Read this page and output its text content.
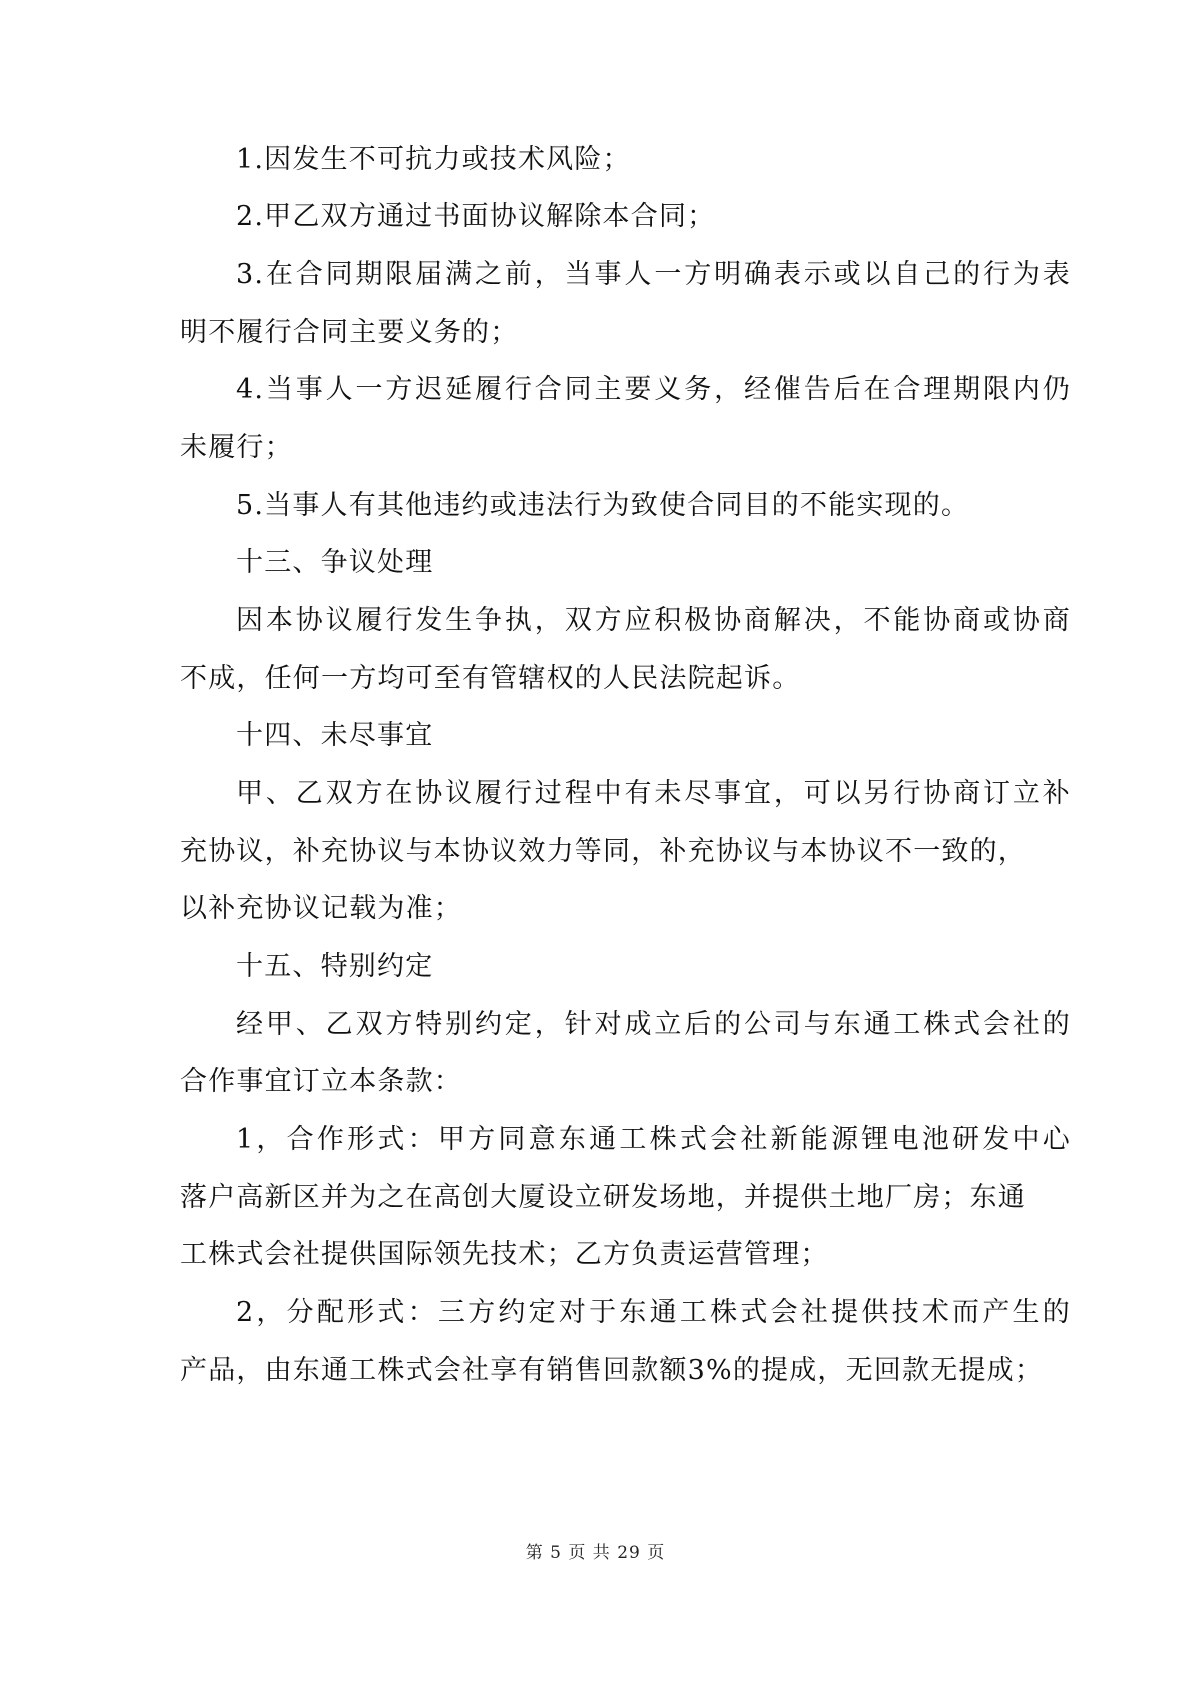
1.因发生不可抗力或技术风险；
2.甲乙双方通过书面协议解除本合同；
3.在合同期限届满之前，当事人一方明确表示或以自己的行为表
明不履行合同主要义务的；
4.当事人一方迟延履行合同主要义务，经催告后在合理期限内仍
未履行；
5.当事人有其他违约或违法行为致使合同目的不能实现的。
十三、争议处理
因本协议履行发生争执，双方应积极协商解决，不能协商或协商
不成，任何一方均可至有管辖权的人民法院起诉。
十四、未尽事宜
甲、乙双方在协议履行过程中有未尽事宜，可以另行协商订立补
充协议，补充协议与本协议效力等同，补充协议与本协议不一致的，
以补充协议记载为准；
十五、特别约定
经甲、乙双方特别约定，针对成立后的公司与东通工株式会社的
合作事宜订立本条款：
1，合作形式：甲方同意东通工株式会社新能源锂电池研发中心
落户高新区并为之在高创大厦设立研发场地，并提供土地厂房；东通
工株式会社提供国际领先技术；乙方负责运营管理；
2，分配形式：三方约定对于东通工株式会社提供技术而产生的
产品，由东通工株式会社享有销售回款额3%的提成，无回款无提成；
第 5 页 共 29 页
